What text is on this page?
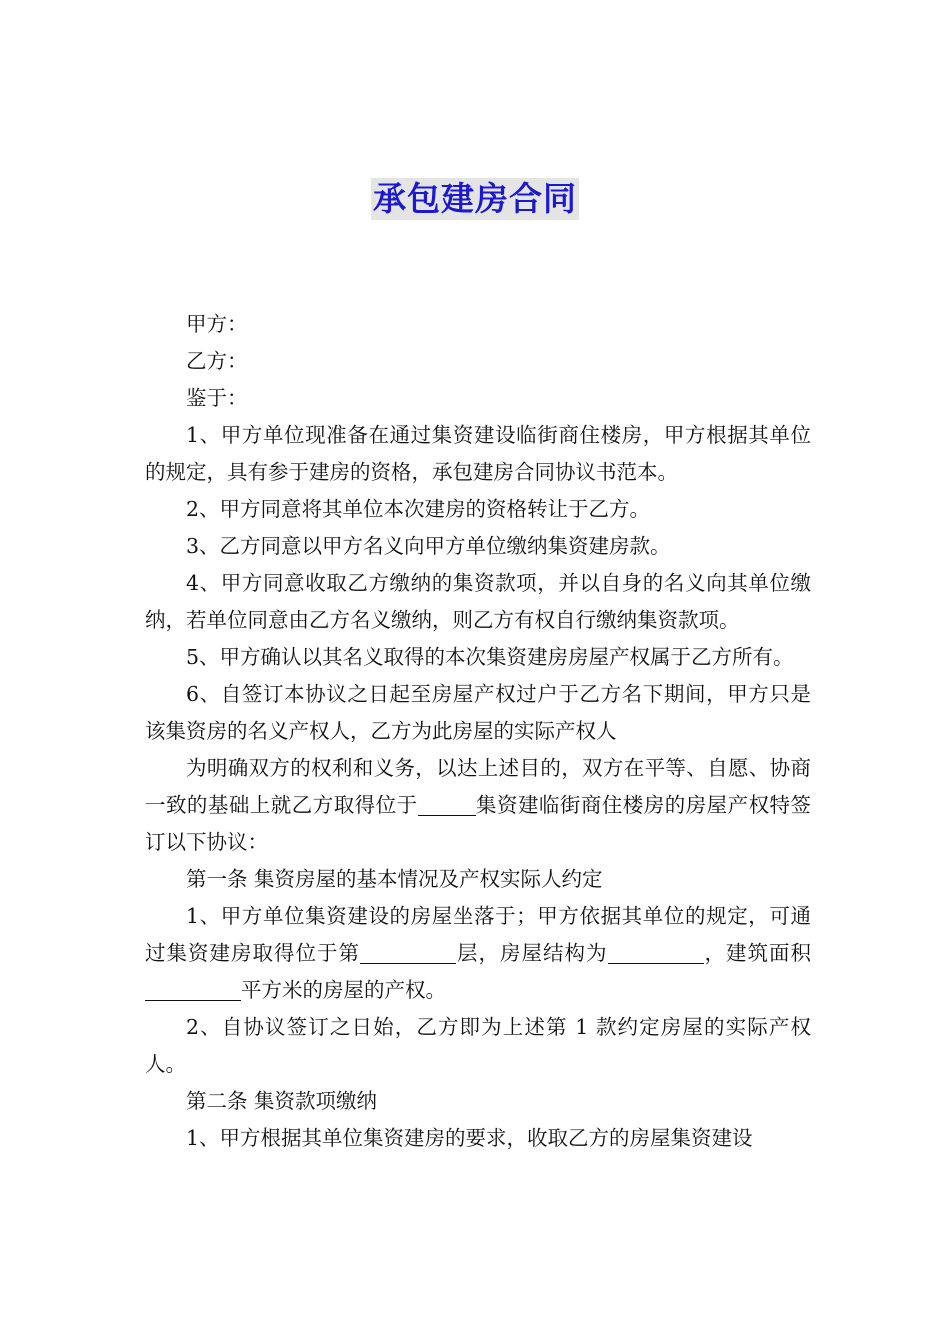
承包建房合同

甲方：

乙方：

鉴于：

1、甲方单位现准备在通过集资建设临街商住楼房，甲方根据其单位的规定，具有参于建房的资格，承包建房合同协议书范本。

2、甲方同意将其单位本次建房的资格转让于乙方。

3、乙方同意以甲方名义向甲方单位缴纳集资建房款。

4、甲方同意收取乙方缴纳的集资款项，并以自身的名义向其单位缴纳，若单位同意由乙方名义缴纳，则乙方有权自行缴纳集资款项。

5、甲方确认以其名义取得的本次集资建房房屋产权属于乙方所有。

6、自签订本协议之日起至房屋产权过户于乙方名下期间，甲方只是该集资房的名义产权人，乙方为此房屋的实际产权人

为明确双方的权利和义务，以达上述目的，双方在平等、自愿、协商一致的基础上就乙方取得位于	集资建临街商住楼房的房屋产权特签订以下协议：

第一条 集资房屋的基本情况及产权实际人约定

1、甲方单位集资建设的房屋坐落于；甲方依据其单位的规定，可通过集资建房取得位于第	层，房屋结构为	，建筑面积平方米的房屋的产权。

2、自协议签订之日始，乙方即为上述第 1 款约定房屋的实际产权人。

第二条 集资款项缴纳

1、甲方根据其单位集资建房的要求，收取乙方的房屋集资建设
